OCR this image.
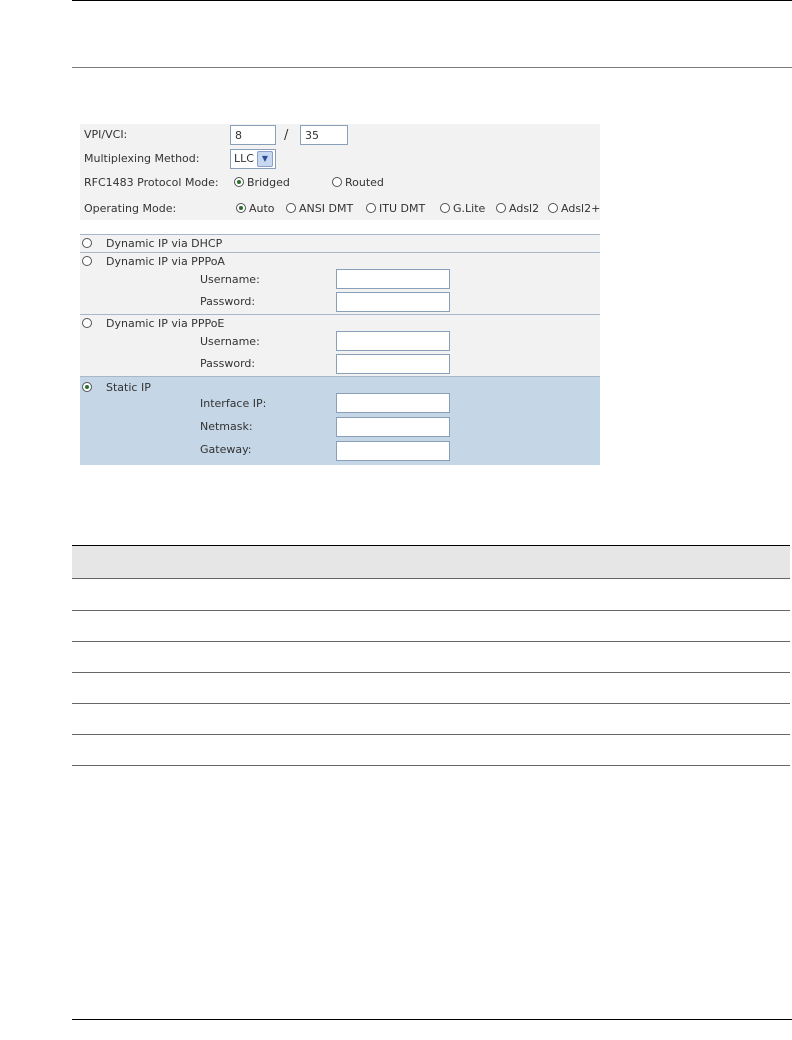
VPI/VCI:
8	/
35
Multiplexing Method:	LLC ▼
RFC1483 Protocol Mode:	Bridged	Routed
Operating Mode:	Auto	ANSI DMT	ITU DMT	G.Lite	Adsl2	Adsl2+
Dynamic IP via DHCP
Dynamic IP via PPPoA
Username:
Password:
Dynamic IP via PPPoE
Username:
Password:
Static IP
Interface IP:
Netmask:
Gateway:
